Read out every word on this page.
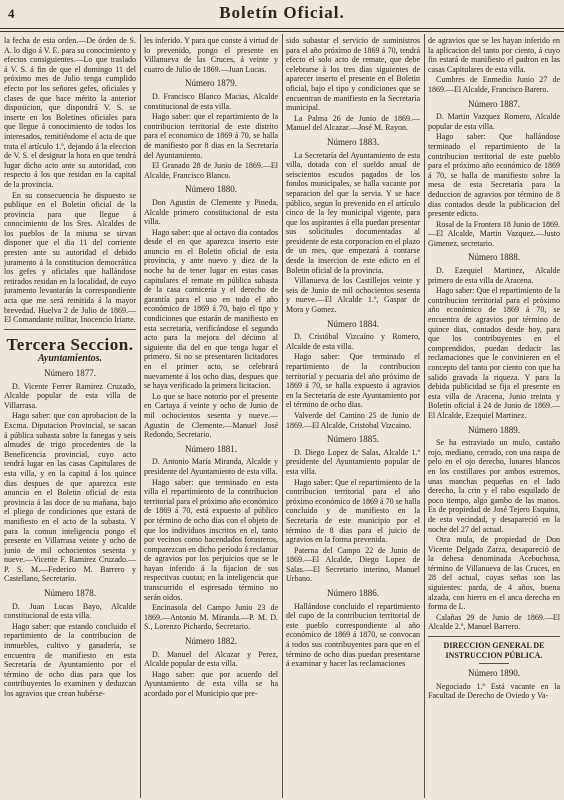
4	Boletín Oficial.

la fecha de esta orden.—De órden de S. A. lo digo á V. E. para su conocimiento y efectos consiguientes.—Lo que traslado á V. S. á fin de que el domingo 11 del próximo mes de Julio tenga cumplido efecto por los señores gefes, oficiales y clases de que hace mérito la anterior disposicion, que dispondrá V. S. se inserte en los Boletines oficiales para que llegue á conocimiento de todos los interesados, remitiéndome el acta de que trata el artículo 1.º, dejando á la eleccion de V. S. el designar la hora en que tendrá lugar dicho acto ante su autoridad, con respecto á los que residan en la capital de la provincia.

En su consecuencia he dispuesto se publique en el Boletin oficial de la provincia para que llegue á conocimiento de los Sres. Alcaldes de los pueblos de la misma se sirvan disponer que el dia 11 del corriente presten ante su autoridad el debido juramento á la constitucion democrática los gefes y oficiales que hallándose retirados residan en la localidad, de cuyo juramento levantarán la correspondiente acta que me será remitida á la mayor brevedad. Huelva 2 de Julio de 1869.—El Comandante militar, Inocencio Iriarte.

Tercera Seccion.
Ayuntamientos.
Número 1877.

D. Vicente Ferrer Ramirez Cruzado, Alcalde popular de esta villa de Villarrasa.

Hago saber: que con aprobacion de la Excma. Diputacion Provincial, se sacan á pública subasta sobre la fanegas y seis almudes de trigo procedentes de la Beneficencia provincial, cuyo acto tendrá lugar en las casas Capitulares de esta villa, y en la capital á los quince dias despues de que aparezca este anuncio en el Boletin oficial de esta provincia á las doce de su mañana, bajo el pliego de condiciones que estará de manifiesto en el acto de la subasta. Y para la comun inteligencia pongo el presente en Villarrasa veinte y ocho de junio de mil ochocientos sesenta y nueve.—Vicente F. Ramirez Cruzado.—P. S. M.—Federico M. Barrero y Castellano, Secretario.

Número 1878.

D. Juan Lucas Bayo, Alcalde constitucional de esta villa.

Hago saber: que estando concluido el repartimiento de la contribucion de inmuebles, cultivo y ganadería, se encuentra de manifiesto en esta Secretaría de Ayuntamiento por el término de ocho dias para que los contribuyentes lo examinen y deduzcan los agravios que crean hubérse-

les inferido. Y para que conste á virtud de lo prevenido, pongo el presente en Villanueva de las Cruces, á veinte y cuatro de Julio de 1869.—Juan Lucas.

Número 1879.

D. Francisco Blanco Macias, Alcalde constitucional de esta villa.

Hago saber: que el repartimiento de la contribucion territorial de este distrito para el economico de 1869 á 70, se halla de manifiesto por 8 dias en la Secretaría del Ayuntamiento.

El Granado 28 de Junio de 1869.—El Alcalde, Francisco Blanco.

Número 1880.

Don Agustin de Clemente y Pineda, Alcalde primero constitucional de esta villa.

Hago saber: que al octavo dia contados desde el en que aparezca inserto este anuncio en el Boletin oficial de esta provincia, y ante nuevo y diez de la noche ha de tener lugar en estas casas capitulares el remate en pública subasta de la casa carnicería y el derecho de garantía para el uso en todo el año económico de 1869 á 70, bajo el tipo y condiciones que estarán de manifiesto en esta secretaría, verificándose el segundo acto para la mejora del décimo al siguiente dia del en que tenga lugar el primero. Si no se presentaren licitadores en el primer acto, se celebrará nuevamente á los ocho dias, despues que se haya verificado la primera licitacion.

Lo que se hace notorio por el presente en Cartaya á veinte y ocho de Junio de mil ochocientos sesenta y nueve.—Agustin de Clemente.—Manuel José Redondo, Secretario.

Número 1881.

D. Antonio María Miranda, Alcalde y presidente del Ayuntamiento de esta villa.

Hago saber: que terminado en esta villa el repartimiento de la contribucion territorial para el próximo año económico de 1869 á 70, está expuesto al público por término de ocho dias con el objeto de que los individuos inscritos en el, tanto por vecinos como hacendados forasteros, comparezcan en dicho período á reclamar de agravios por los perjuicios que se le hayan inferido á la fijacion de sus respectivas cuotas; en la inteligencia que transcurrido el espresado término no serán oidos.

Encinasola del Campo Junio 23 de 1869.—Antonio M. Miranda.—P. M. D. S., Lorenzo Pichardo, Secretario.

Número 1882.

D. Manuel del Alcazar y Perez, Alcalde popular de esta villa.

Hago saber: que por acuerdo del Ayuntamiento de esta villa se ha acordado por el Municipio que pre-

sido subastar el servicio de suministros para el año próximo de 1869 á 70, tendrá efecto el solo acto de remate, que debe celebrarse á los tres dias siguientes de aparecer inserto el presente en el Boletin oficial, bajo el tipo y condiciones que se encuentran de manifiesto en la Secretaría municipal.

La Palma 26 de Junio de 1869.—Manuel del Alcazar.—José M. Rayon.

Número 1883.

La Secretaría del Ayuntamiento de esta villa, dotada con el sueldo anual de seiscientos escudos pagados de los fondos municipales, se halla vacante por separacion del que la servia. Y se hace público, segun lo prevenido en el artículo cinco de la ley municipal vigente, para que los aspirantes á ella puedan presentar sus solicitudes documentadas al presidente de esta corporacion en el plazo de un mes, que empezará á contarse desde la insercion de este edicto en el Boletin oficial de la provincia.

Villanueva de los Castillejos veinte y seis de Junio de mil ochocientos sesenta y nueve.—El Alcalde 1.º, Gaspar de Mora y Gomez.

Número 1884.

D. Cristóbal Vizcaíno y Romero, Alcalde de esta villa.

Hago saber: Que terminado el repartimiento de la contribucion territorial y pecuaria del año próximo de 1869 á 70, se halla expuesto á agravios en la Secretaría de este Ayuntamiento por el término de ocho dias.

Valverde del Camino 25 de Junio de 1869.—El Alcalde, Cristobal Vizcaino.

Número 1885.

D. Diego Lopez de Salas, Alcalde 1.º presidente del Ayuntamiento popular de esta villa.

Hago saber: Que el repartimiento de la contribucion territorial para el año próximo económico de 1869 á 70 se halla concluido y de manifiesto en la Secretaría de este municipio por el término de 8 dias para el juicio de agravios en la forma prevenida.

Paterna del Campo 22 de Junio de 1869.—El Alcalde, Diego Lopez de Salas.—El Secretario interino, Manuel Urbano.

Número 1886.

Hallándose concluido el repartimiento del cupo de la contribucion territorial de este pueblo correspondiente al año económico de 1869 á 1870, se convocan á todos sus contribuyentes para que en el término de ocho dias puedan presentarse á examinar y hacer las reclamaciones

de agravios que se les hayan inferido en la aplicacion del tanto por ciento, á cuyo fin estará de manifiesto el padron en las casas Capitulares de esta villa.

Cumbres de Enmedio Junio 27 de 1869.—El Alcalde, Francisco Barero.

Número 1887.

D. Martin Vazquez Romero, Alcalde popular de esta villa.

Hago saber: Que hallándose terminado el repartimiento de la contribucion territorial de este pueblo para el próximo año económico de 1869 á 70, se halla de manifiesto sobre la mesa de esta Secretaría para la deduccion de agravios por término de 8 dias contados desde la publicacion del presente edicto.

Rosal de la Frontera 18 Junio de 1869.—El Alcalde, Martin Vazquez.—Justo Gimenez, secretario.

Número 1888.

D. Ezequiel Martinez, Alcalde primero de esta villa de Aracena.

Hago saber: Que el repartimiento de la contribucion territorial para el próximo año económico de 1869 á 70, se encuentra de agravios por término de quince dias, contados desde hoy, para que los contribuyentes en el comprendidos, puedan deducir las reclamaciones que le convinieren en el concepto del tanto por ciento con que ha salido gravada la riqueza. Y para la debida publicidad se fija el presente en esta villa de Aracena, Junio treinta y Boletin oficial á 24 de Junio de 1869.—El Alcalde, Ezequiel Martinez.

Número 1889.

Se ha estraviado un mulo, castaño rojo, mediano, cerrado, con una raspa de pelo en el ojo derecho, lunares blancos en los costillares por ambos estremos, unas manchas pequeñas en el lado derecho, la crin y el rabo esquilado de poco tiempo, algo gambo de las manos. Es de propiedad de José Tejero Esquina, de esta vecindad, y desapareció en la noche del 27 del actual.

Otra mula, de propiedad de Don Vicente Delgado Zarza, desapareció de la dehesa denominada Acebuchosa, término de Villanueva de las Cruces, en 28 del actual, cuyas señas son las siguientes: parda, de 4 años, buena alzada, con hierro en el anca derecha en forma de L.

Calañas 29 de Junio de 1869.—El Alcalde 2.º, Manuel Barrero.

DIRECCION GENERAL DE INSTRUCCION PÚBLICA.
Número 1890.

Negociado 1.º Está vacante en la Facultad de Derecho de Oviedo y Va-
